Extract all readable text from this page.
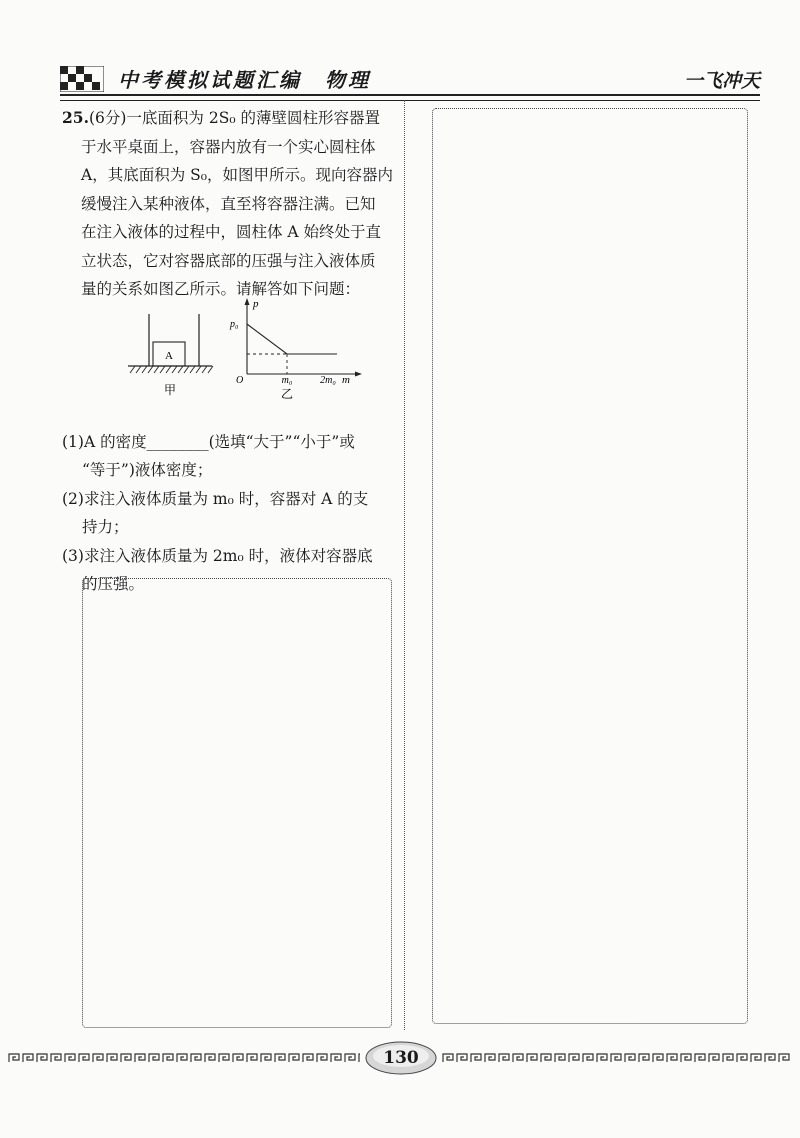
中考模拟试题汇编　物理	一飞冲天

25.(6分)一底面积为 2S₀ 的薄壁圆柱形容器置

于水平桌面上，容器内放有一个实心圆柱体

A，其底面积为 S₀，如图甲所示。现向容器内

缓慢注入某种液体，直至将容器注满。已知

在注入液体的过程中，圆柱体 A 始终处于直

立状态，它对容器底部的压强与注入液体质

量的关系如图乙所示。请解答如下问题：

(1)A 的密度________(选填“大于”“小于”或
“等于”)液体密度；

(2)求注入液体质量为 m₀ 时，容器对 A 的支
持力；

(3)求注入液体质量为 2m₀ 时，液体对容器底
的压强。

A
甲
p
p₀
O	m₀	2m₀ m
乙
130
